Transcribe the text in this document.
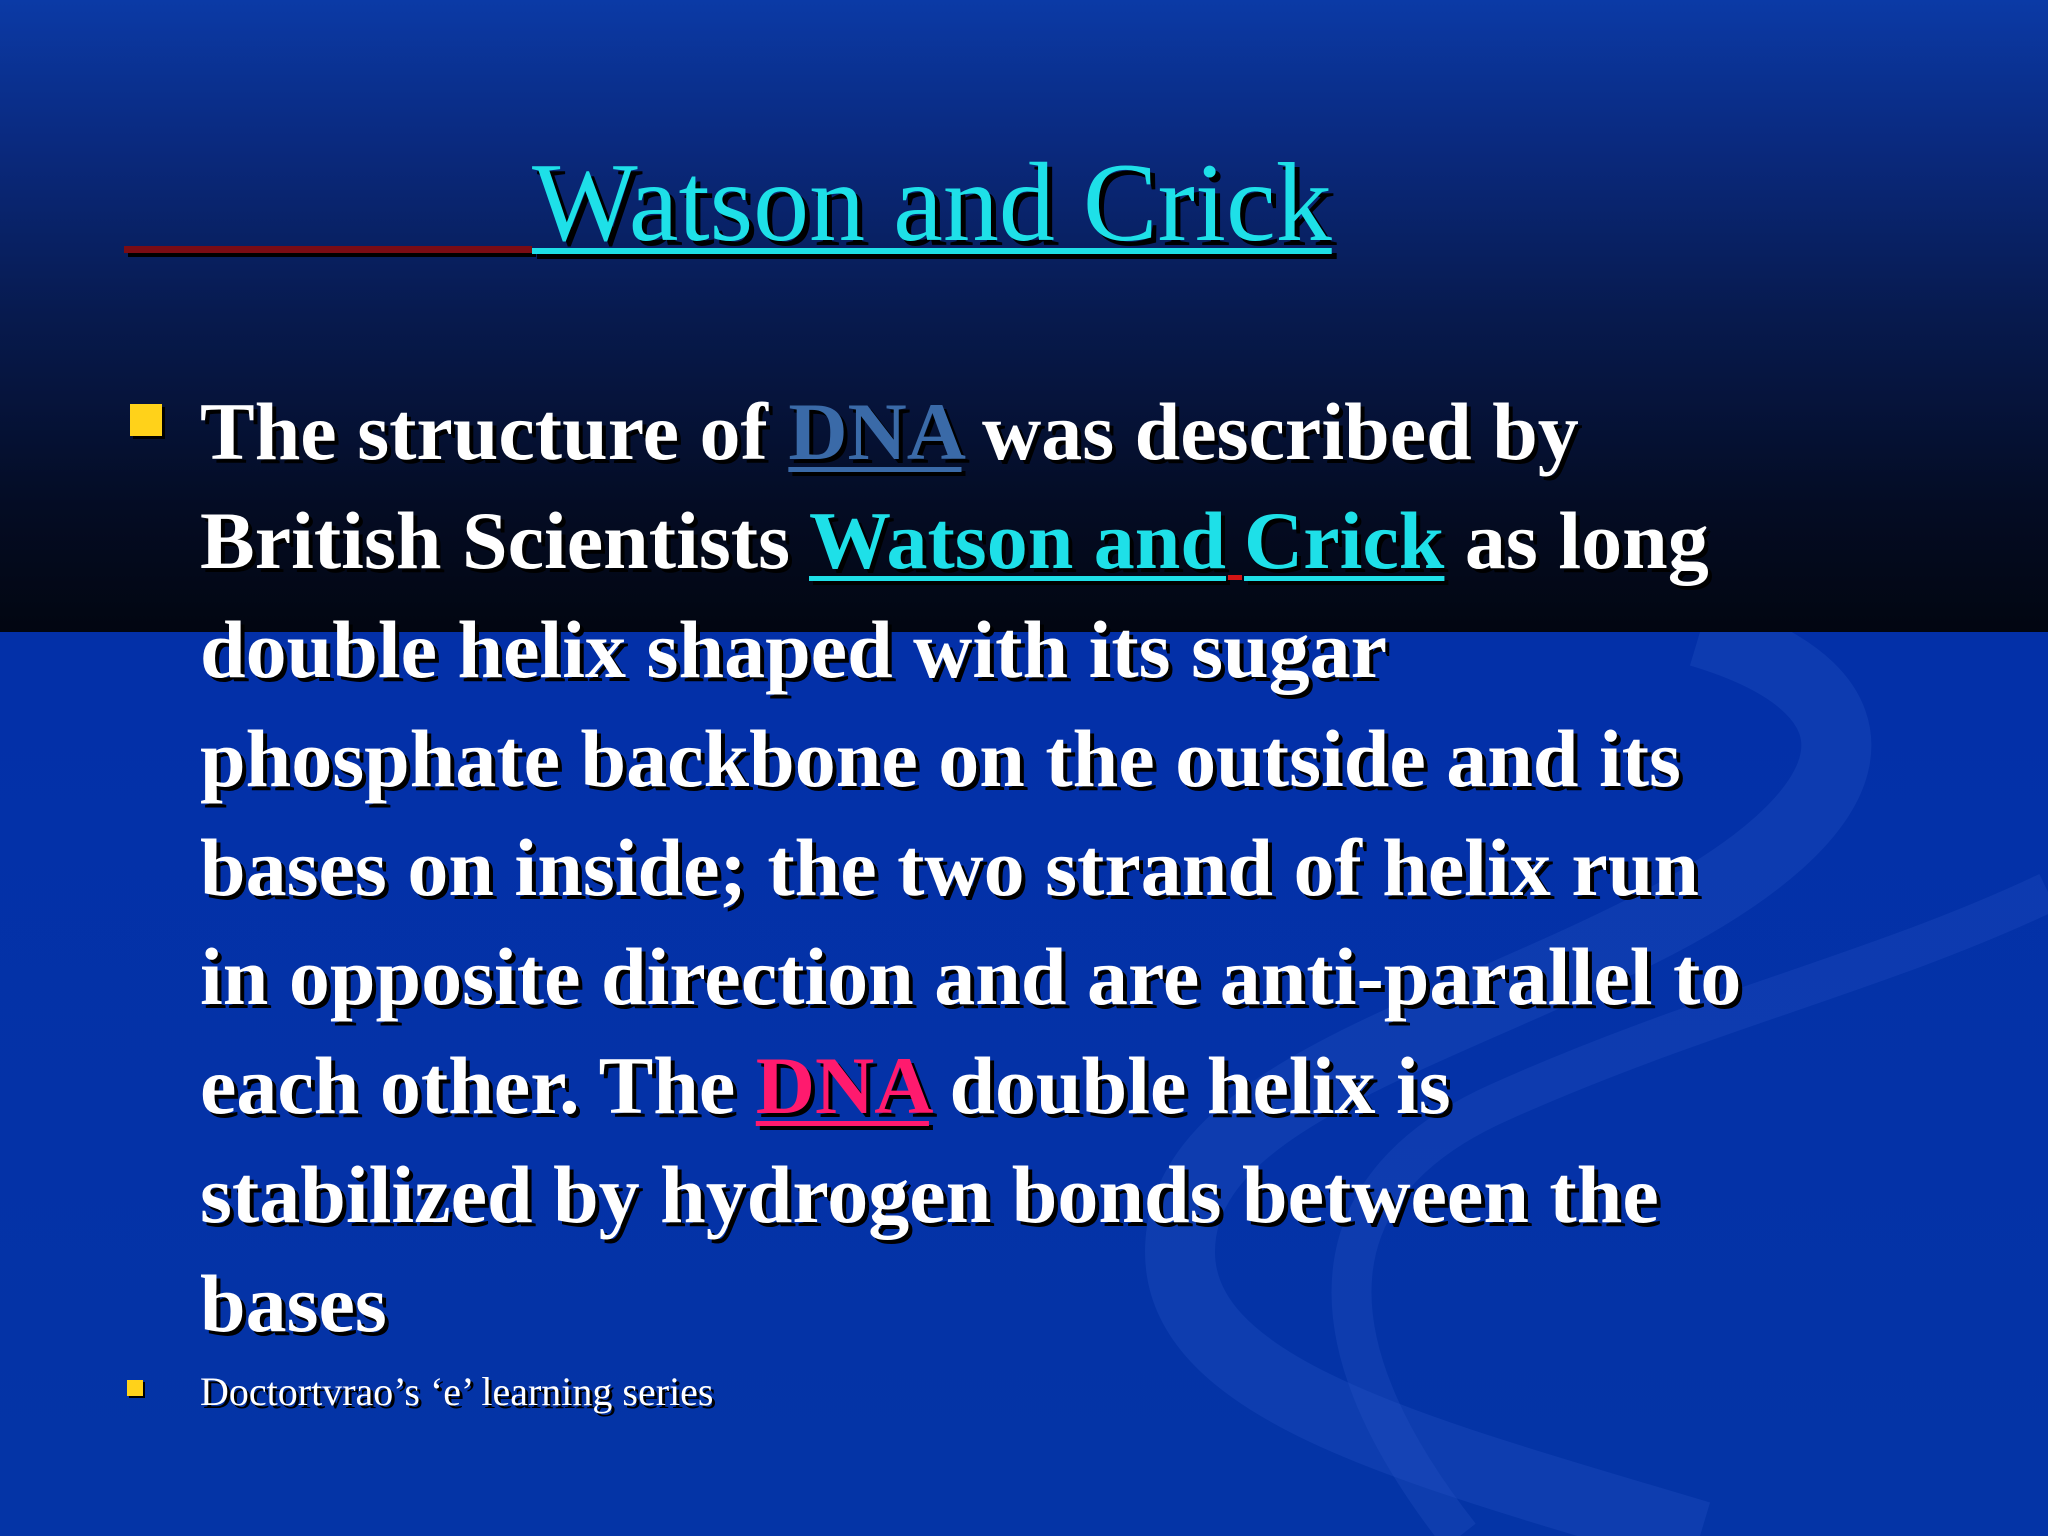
Watson and Crick

The structure of DNA was described by
British Scientists Watson and Crick as long
double helix shaped with its sugar
phosphate backbone on the outside and its
bases on inside; the two strand of helix run
in opposite direction and are anti-parallel to
each other. The DNA double helix is
stabilized by hydrogen bonds between the
bases

Doctortvrao’s ‘e’ learning series
